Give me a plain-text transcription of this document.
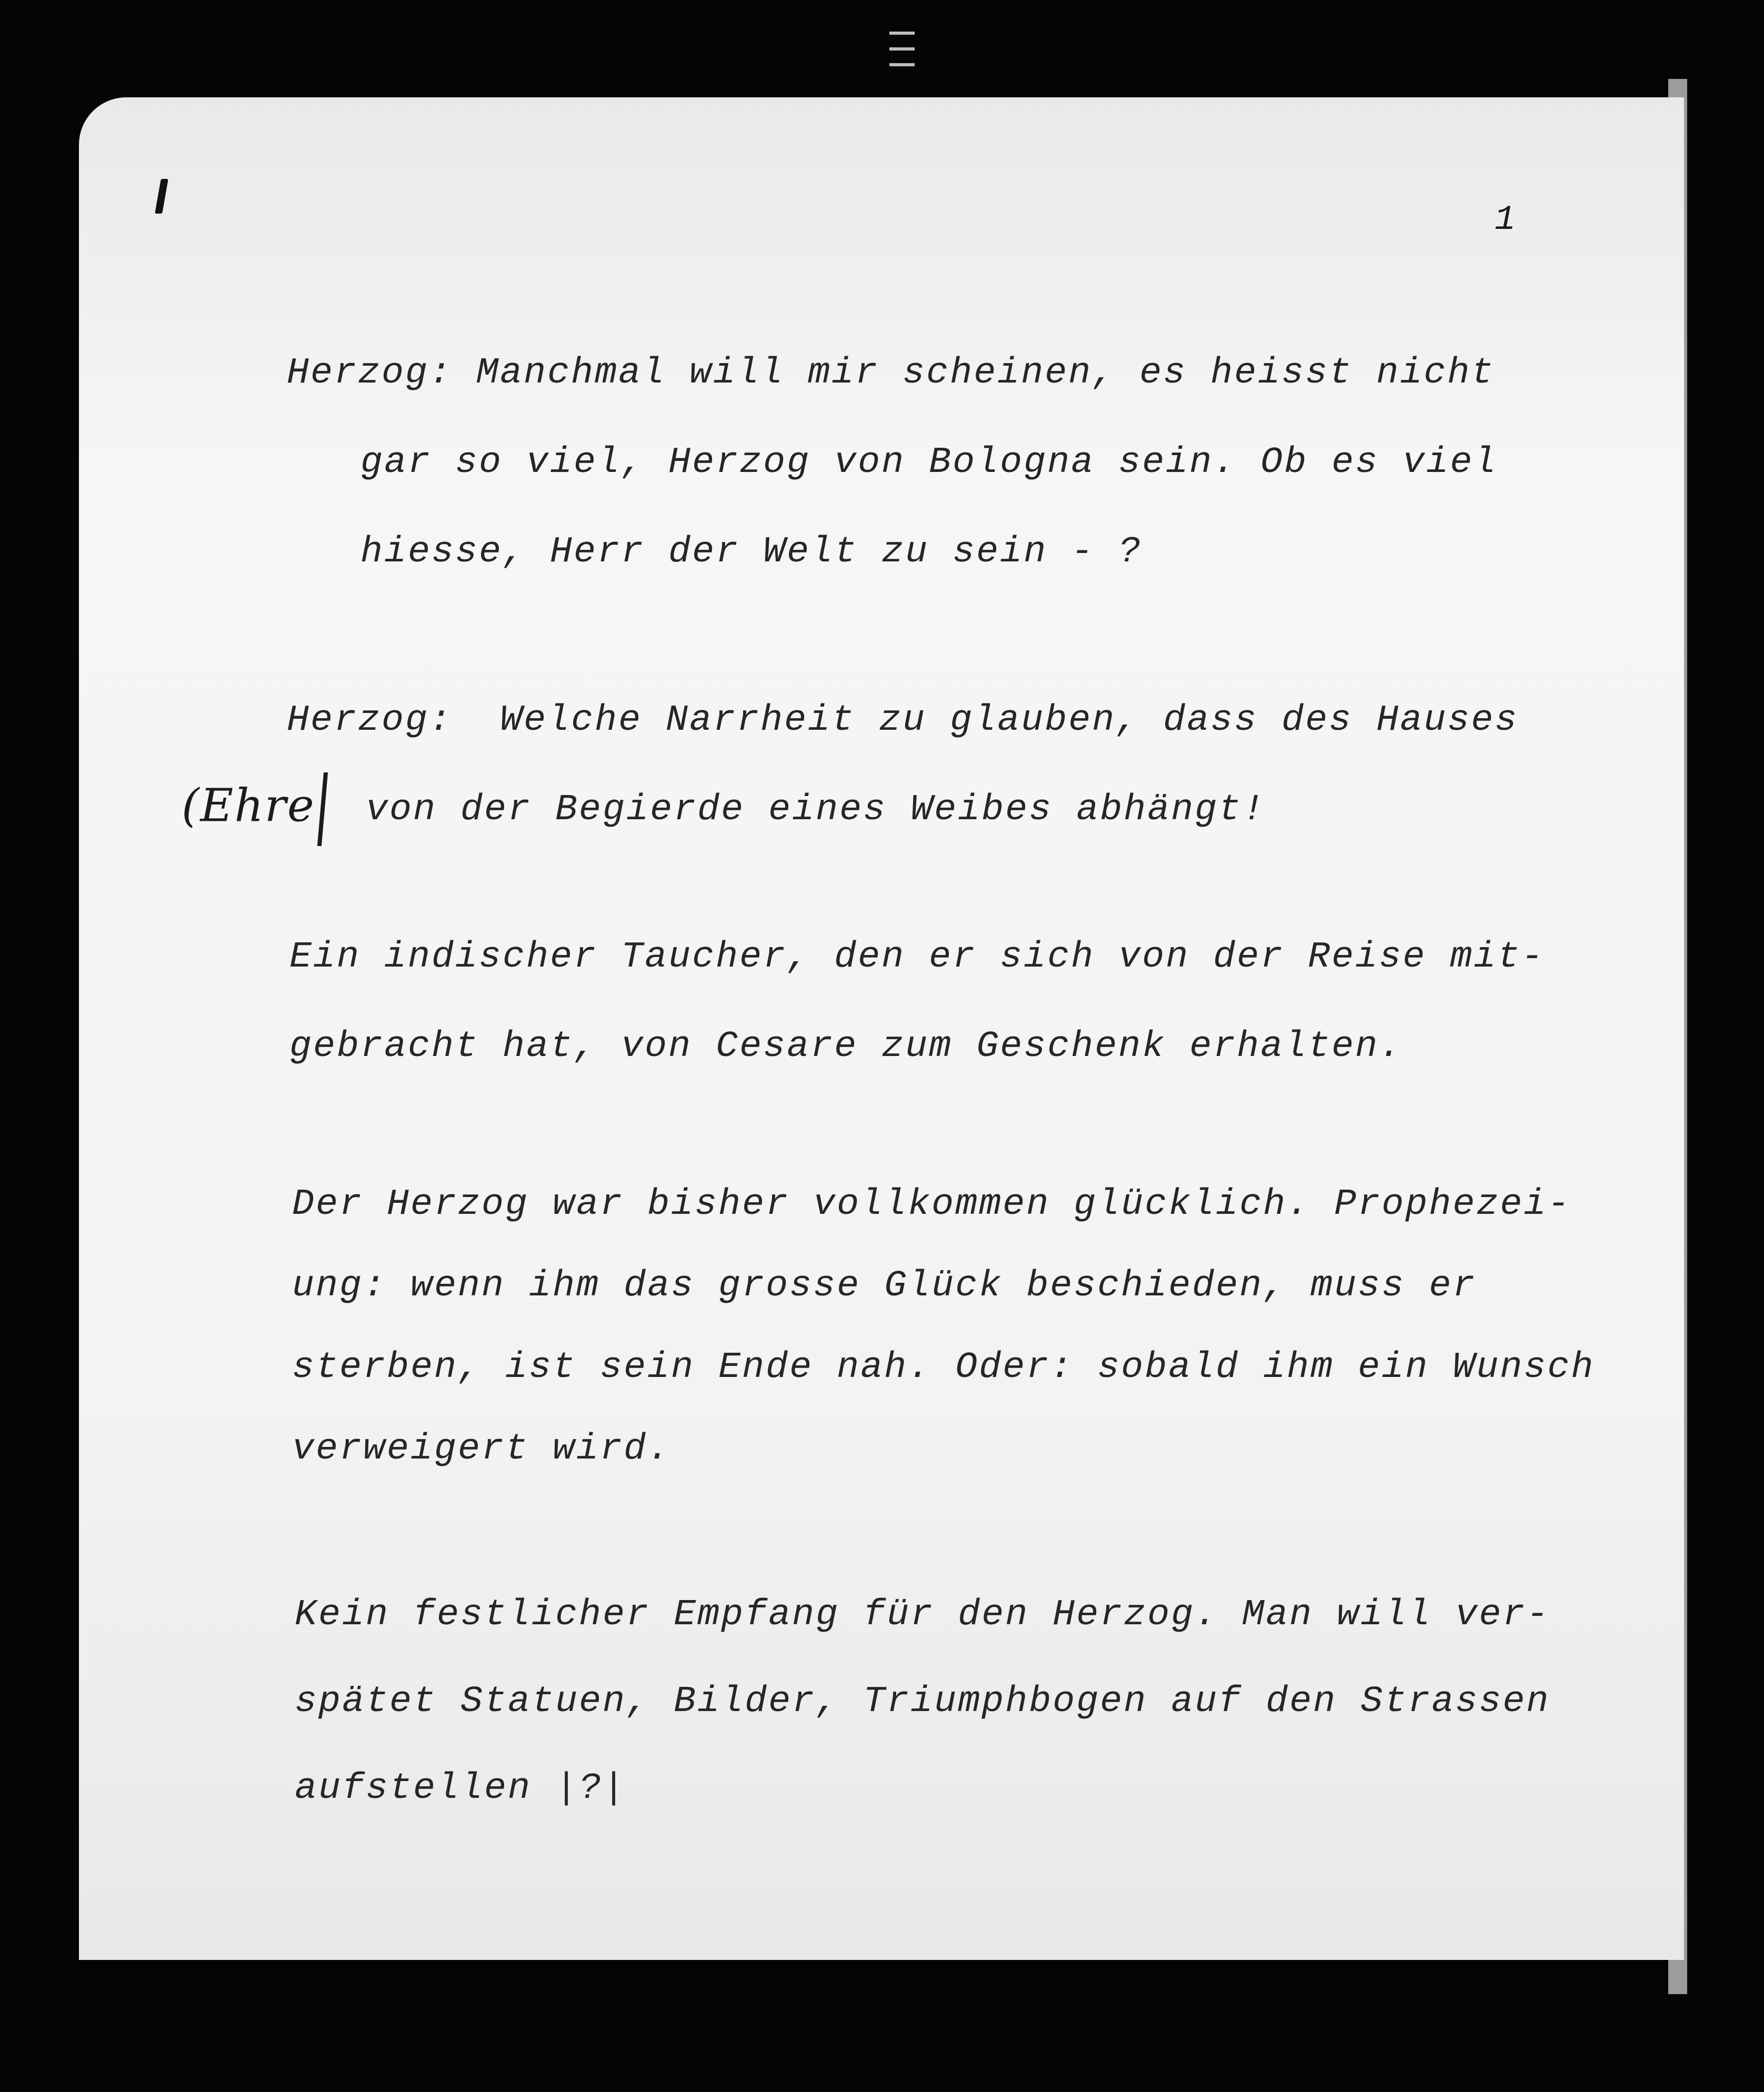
1

Herzog: Manchmal will mir scheinen, es heisst nicht

gar so viel, Herzog von Bologna sein. Ob es viel

hiesse, Herr der Welt zu sein - ?

Herzog:  Welche Narrheit zu glauben, dass des Hauses

von der Begierde eines Weibes abhängt!

(Ehre

Ein indischer Taucher, den er sich von der Reise mit-

gebracht hat, von Cesare zum Geschenk erhalten.

Der Herzog war bisher vollkommen glücklich. Prophezei-

ung: wenn ihm das grosse Glück beschieden, muss er

sterben, ist sein Ende nah. Oder: sobald ihm ein Wunsch

verweigert wird.

Kein festlicher Empfang für den Herzog. Man will ver-

spätet Statuen, Bilder, Triumphbogen auf den Strassen

aufstellen |?|
